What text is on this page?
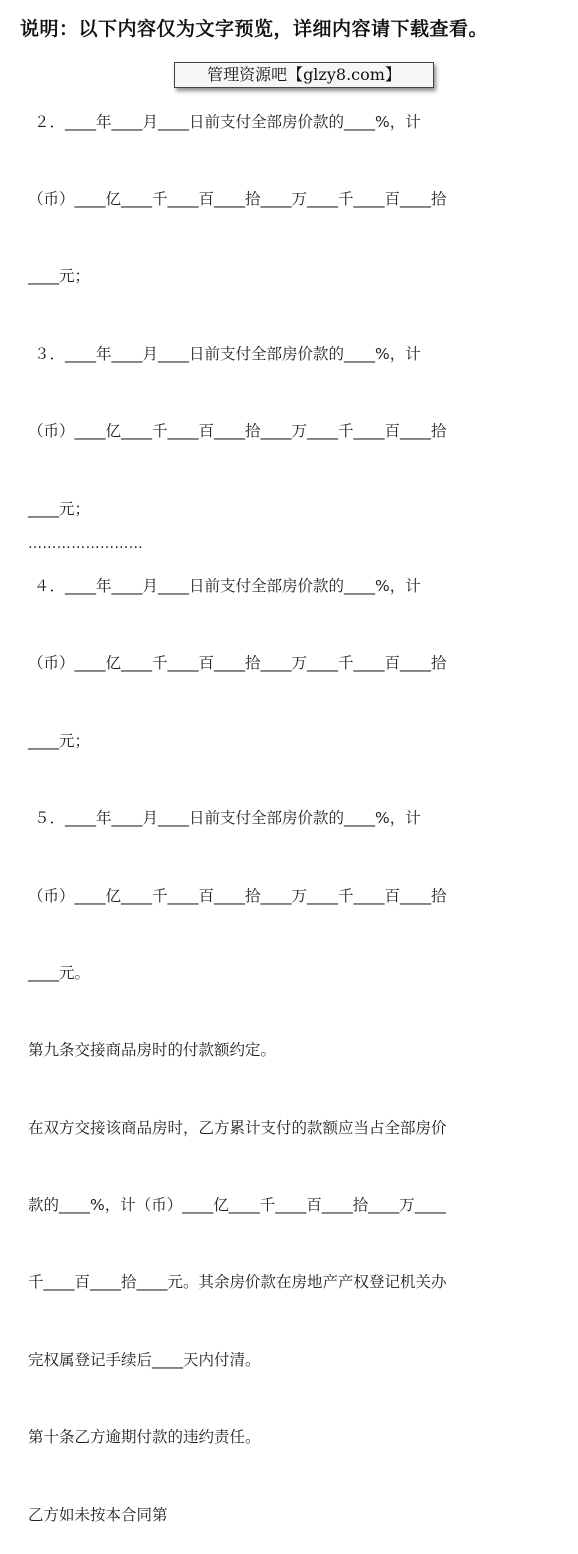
说明：以下内容仅为文字预览，详细内容请下载查看。

２．____年____月____日前支付全部房价款的____%，计

（币）____亿____千____百____拾____万____千____百____拾

____元；

３．____年____月____日前支付全部房价款的____%，计

（币）____亿____千____百____拾____万____千____百____拾

____元；

４．____年____月____日前支付全部房价款的____%，计

（币）____亿____千____百____拾____万____千____百____拾

____元；

５．____年____月____日前支付全部房价款的____%，计

（币）____亿____千____百____拾____万____千____百____拾

____元。

第九条交接商品房时的付款额约定。

在双方交接该商品房时，乙方累计支付的款额应当占全部房价

款的____%，计（币）____亿____千____百____拾____万____

千____百____拾____元。其余房价款在房地产产权登记机关办

完权属登记手续后____天内付清。

第十条乙方逾期付款的违约责任。

乙方如未按本合同第

管理资源吧【glzy8.com】
……………………
